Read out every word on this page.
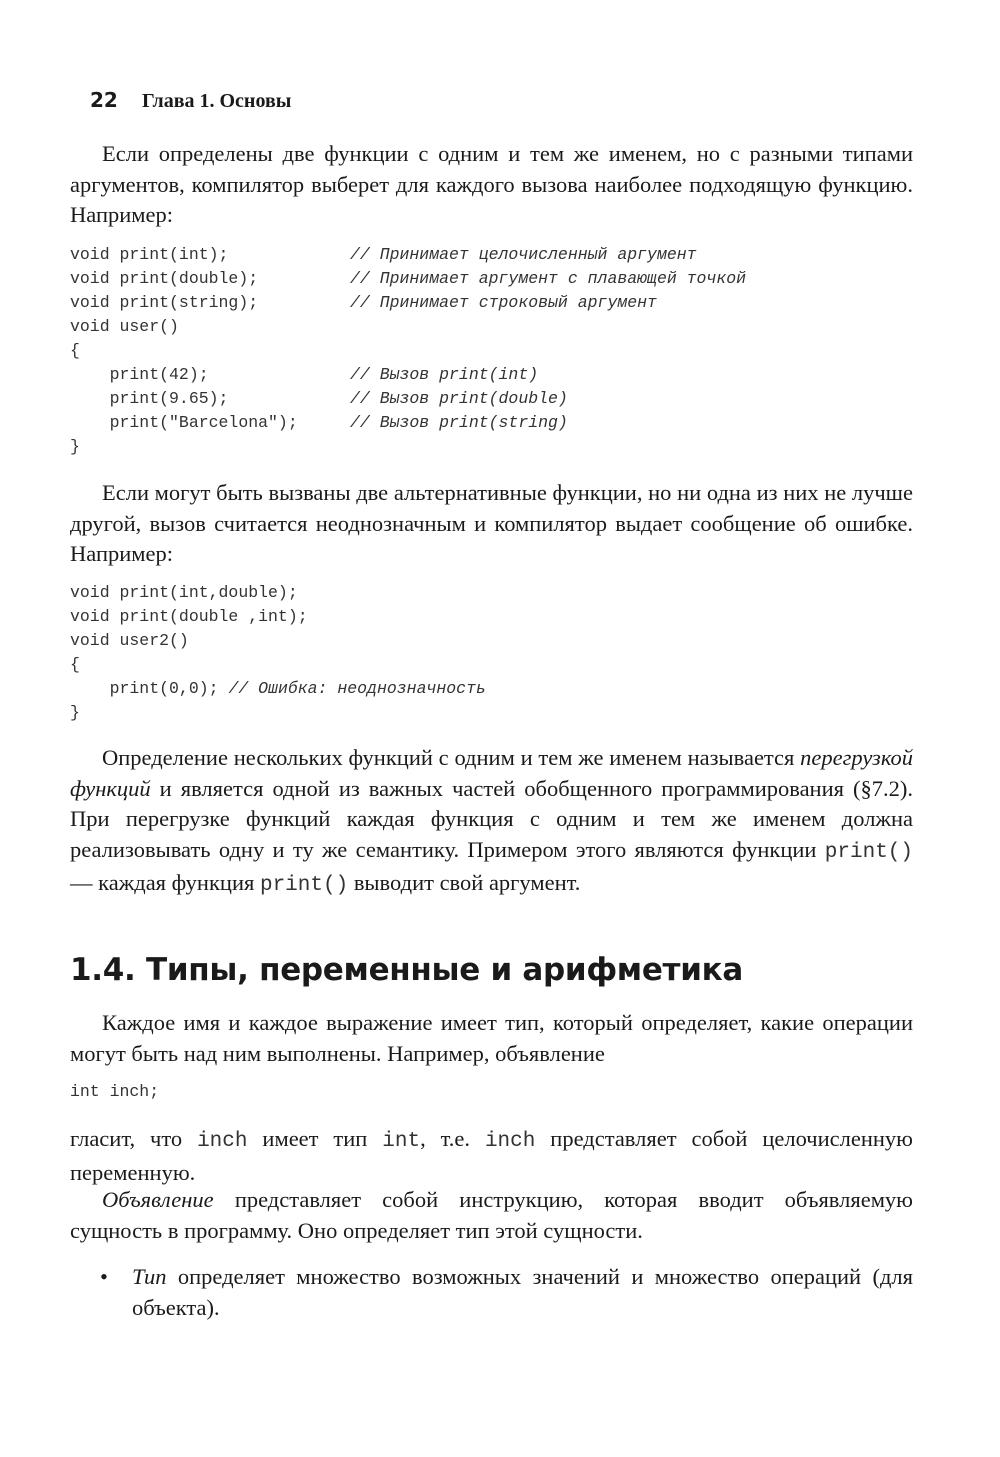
22	Глава 1. Основы

Если определены две функции с одним и тем же именем, но с разными типами аргументов, компилятор выберет для каждого вызова наиболее подходящую функцию. Например:

void print(int);	// Принимает целочисленный аргумент
void print(double);	// Принимает аргумент с плавающей точкой
void print(string);	// Принимает строковый аргумент
void user()
{
print(42);	// Вызов print(int)
print(9.65);	// Вызов print(double)
print("Barcelona");	// Вызов print(string)
}

Если могут быть вызваны две альтернативные функции, но ни одна из них не лучше другой, вызов считается неоднозначным и компилятор выдает сообщение об ошибке. Например:

void print(int,double);
void print(double ,int);
void user2()
{
print(0,0); // Ошибка: неоднозначность
}

Определение нескольких функций с одним и тем же именем называется перегрузкой функций и является одной из важных частей обобщенного программирования (§7.2). При перегрузке функций каждая функция с одним и тем же именем должна реализовывать одну и ту же семантику. Примером этого являются функции print() — каждая функция print() выводит свой аргумент.

1.4. Типы, переменные и арифметика

Каждое имя и каждое выражение имеет тип, который определяет, какие операции могут быть над ним выполнены. Например, объявление

int inch;

гласит, что inch имеет тип int, т.е. inch представляет собой целочисленную переменную.

Объявление представляет собой инструкцию, которая вводит объявляемую сущность в программу. Оно определяет тип этой сущности.

• Тип определяет множество возможных значений и множество операций (для объекта).
